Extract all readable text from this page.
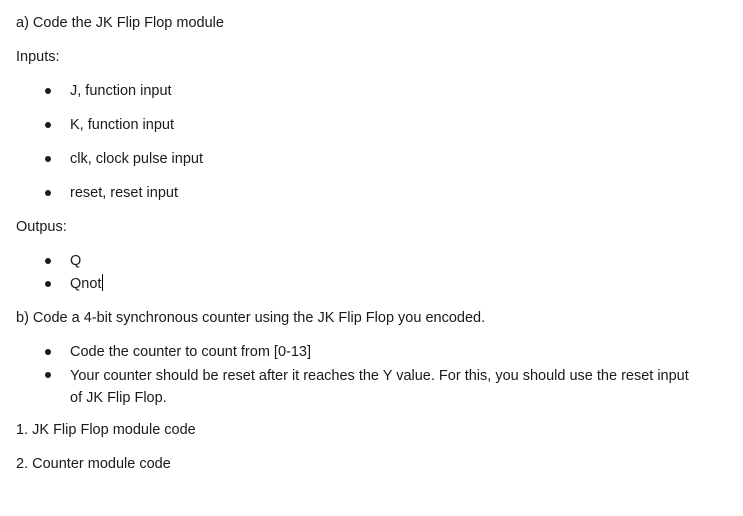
a) Code the JK Flip Flop module
Inputs:
J, function input
K, function input
clk, clock pulse input
reset, reset input
Outpus:
Q
Qnot
b) Code a 4-bit synchronous counter using the JK Flip Flop you encoded.
Code the counter to count from [0-13]
Your counter should be reset after it reaches the Y value. For this, you should use the reset input of JK Flip Flop.
1. JK Flip Flop module code
2. Counter module code
